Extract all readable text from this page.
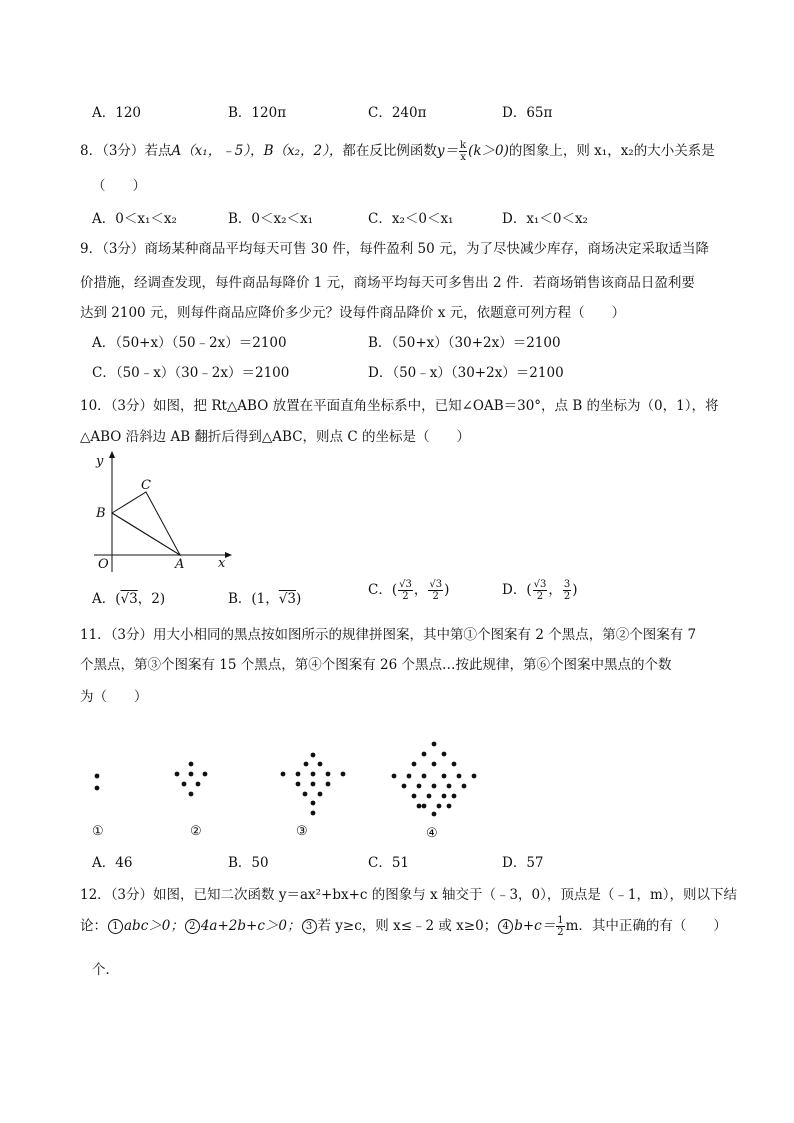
A．120	B．120π	C．240π	D．65π
8．（3分）若点A（x₁，﹣5），B（x₂，2），都在反比例函数$y= \frac{k}{x} (k>0)$的图象上，则 x₁，x₂的大小关系是
（　　）
A．0＜x₁＜x₂	B．0＜x₂＜x₁	C．x₂＜0＜x₁	D．x₁＜0＜x₂
9．（3分）商场某种商品平均每天可售 30 件，每件盈利 50 元，为了尽快减少库存，商场决定采取适当降
价措施，经调查发现，每件商品每降价 1 元，商场平均每天可多售出 2 件．若商场销售该商品日盈利要
达到 2100 元，则每件商品应降价多少元？设每件商品降价 x 元，依题意可列方程（　　）
A．（50+x）（50﹣2x）＝2100	B．（50+x）（30+2x）＝2100
C．（50﹣x）（30﹣2x）＝2100	D．（50﹣x）（30+2x）＝2100
10．（3分）如图，把 Rt△ABO 放置在平面直角坐标系中，已知∠OAB＝30°，点 B 的坐标为（0，1），将
△ABO 沿斜边 AB 翻折后得到△ABC，则点 C 的坐标是（　　）
y
x
O	A
B
C
A．(√3，2)	B．(1，√3)
C．( $\frac{√3}{2}$ ， $\frac{√3}{2}$ )	D．( $\frac{√3}{2}$ ， $\frac{3}{2}$ )
11．（3分）用大小相同的黑点按如图所示的规律拼图案，其中第①个图案有 2 个黑点，第②个图案有 7
个黑点，第③个图案有 15 个黑点，第④个图案有 26 个黑点…按此规律，第⑥个图案中黑点的个数
为（　　）
①	②	③	④
A．46	B．50	C．51	D．57
12．（3分）如图，已知二次函数 y＝ax²+bx+c 的图象与 x 轴交于（﹣3，0），顶点是（﹣1，m），则以下结
论： 1 abc＞0； 2 4a+2b+c＞0； 3 若 y≥c，则 x≤﹣2 或 x≥0； 4 $b+c= \frac{1}{2}$ m．其中正确的有（　　）
个．
